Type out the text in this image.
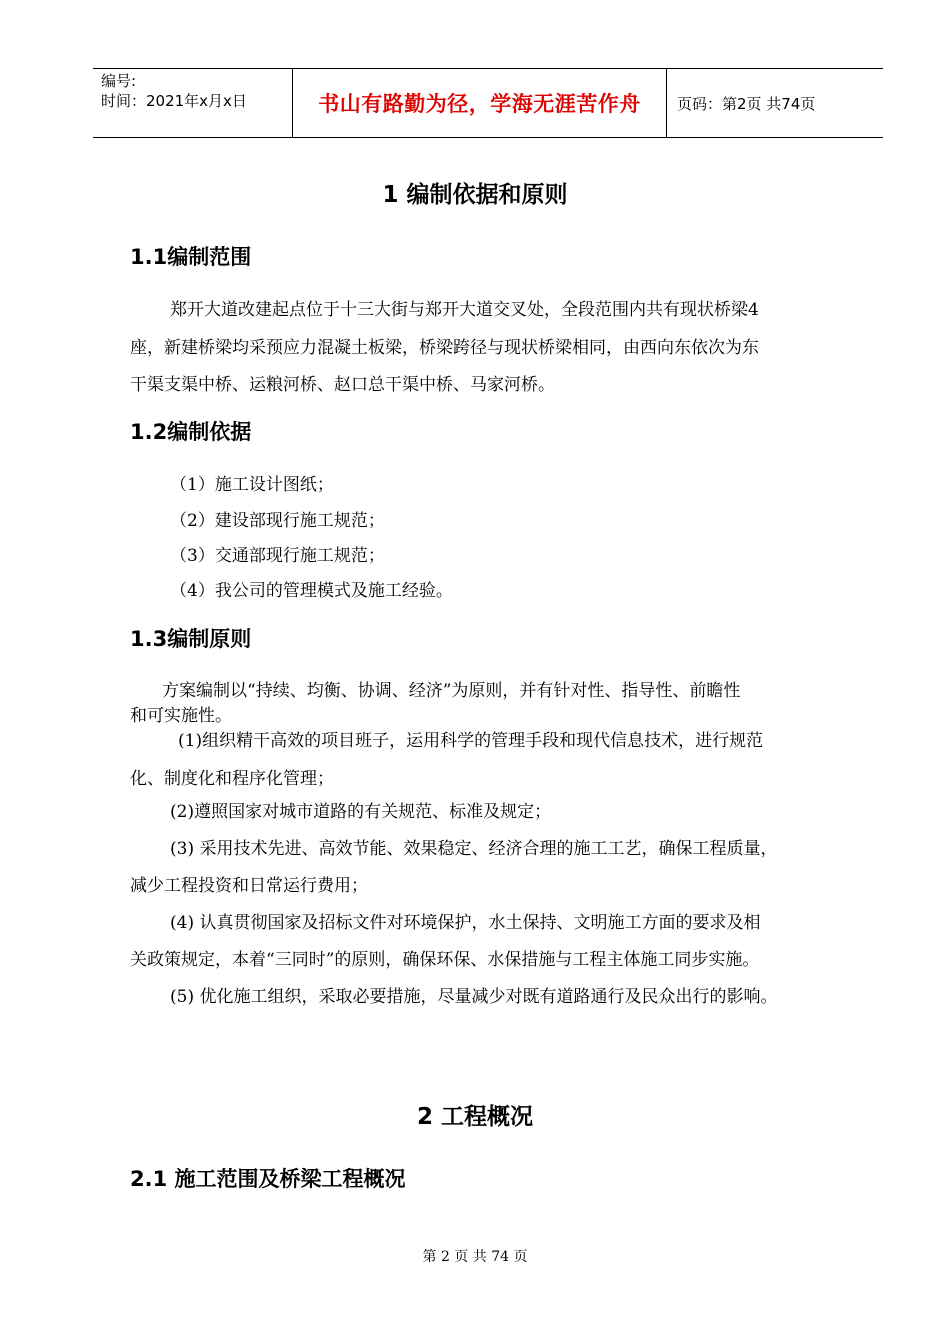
编号:
时间：2021年x月x日	书山有路勤为径，学海无涯苦作舟	页码：第2页 共74页
1 编制依据和原则
1.1编制范围
郑开大道改建起点位于十三大街与郑开大道交叉处，全段范围内共有现状桥梁4
座，新建桥梁均采预应力混凝土板梁，桥梁跨径与现状桥梁相同，由西向东依次为东
干渠支渠中桥、运粮河桥、赵口总干渠中桥、马家河桥。
1.2编制依据
（1）施工设计图纸；
（2）建设部现行施工规范；
（3）交通部现行施工规范；
（4）我公司的管理模式及施工经验。
1.3编制原则
方案编制以“持续、均衡、协调、经济”为原则，并有针对性、指导性、前瞻性
和可实施性。
(1)组织精干高效的项目班子，运用科学的管理手段和现代信息技术，进行规范
化、制度化和程序化管理；
(2)遵照国家对城市道路的有关规范、标准及规定；
(3) 采用技术先进、高效节能、效果稳定、经济合理的施工工艺，确保工程质量，
减少工程投资和日常运行费用；
(4) 认真贯彻国家及招标文件对环境保护，水土保持、文明施工方面的要求及相
关政策规定，本着“三同时”的原则，确保环保、水保措施与工程主体施工同步实施。
(5) 优化施工组织，采取必要措施，尽量减少对既有道路通行及民众出行的影响。
2 工程概况
2.1 施工范围及桥梁工程概况
第 2 页 共 74 页
